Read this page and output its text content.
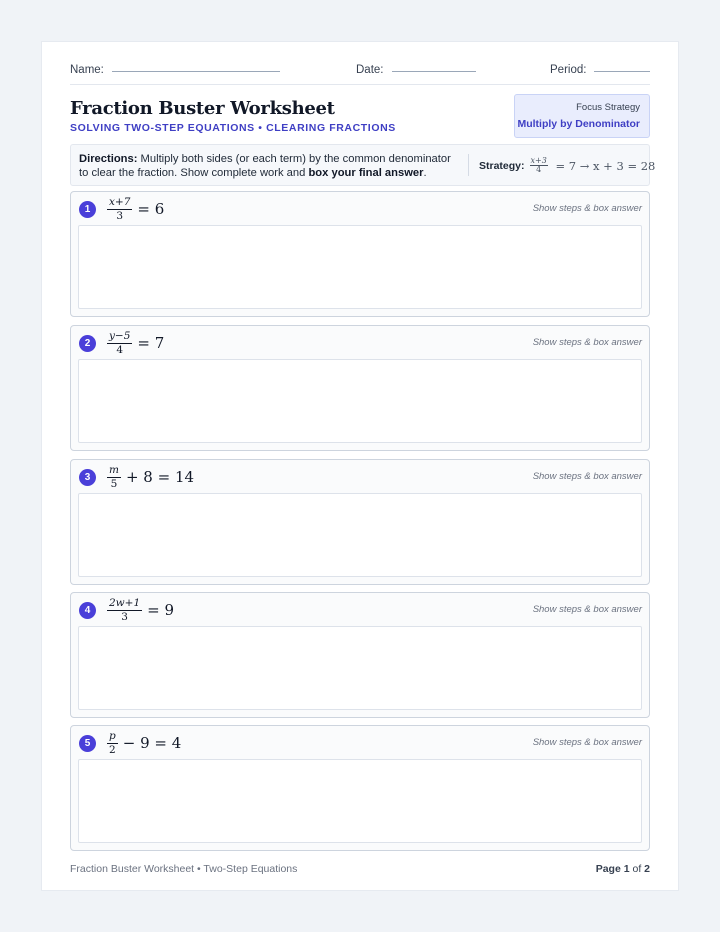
Name:	Date:	Period:
Fraction Buster Worksheet
SOLVING TWO-STEP EQUATIONS • CLEARING FRACTIONS
Focus Strategy
Multiply by Denominator
Directions: Multiply both sides (or each term) by the common denominator to clear the fraction. Show complete work and box your final answer.
Strategy: $\frac{x+3}{4} = 7 \to x + 3 = 28$
1	$\frac{x+7}{3} = 6$	Show steps & box answer
2	$\frac{y-5}{4} = 7$	Show steps & box answer
3	$\frac{m}{5} + 8 = 14$	Show steps & box answer
4	$\frac{2w+1}{3} = 9$	Show steps & box answer
5	$\frac{p}{2} - 9 = 4$	Show steps & box answer
Fraction Buster Worksheet • Two-Step Equations	Page 1 of 2
